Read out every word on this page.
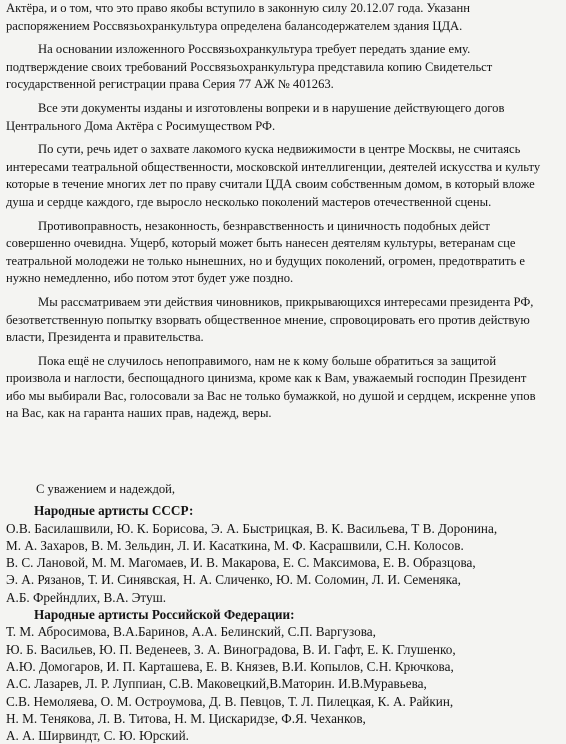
Актёра, и о том, что это право якобы вступило в законную силу 20.12.07 года. Указанн
распоряжением Россвязьохранкультура определена балансодержателем здания ЦДА.
На основании изложенного Россвязьохранкультура требует передать здание ему.
подтверждение своих требований Россвязьохранкультура представила копию Свидетельст
государственной регистрации права Серия 77 АЖ № 401263.
Все эти документы изданы и изготовлены вопреки и в нарушение действующего догов
Центрального Дома Актёра с Росимуществом РФ.
По сути, речь идет о захвате лакомого куска недвижимости в центре Москвы, не считаясь
интересами театральной общественности, московской интеллигенции, деятелей искусства и культу
которые в течение многих лет по праву считали ЦДА своим собственным домом, в который вложе
душа и сердце каждого, где выросло несколько поколений мастеров отечественной сцены.
Противоправность, незаконность, безнравственность и циничность подобных дейст
совершенно очевидна. Ущерб, который может быть нанесен деятелям культуры, ветеранам сце
театральной молодежи не только нынешних, но и будущих поколений, огромен, предотвратить е
нужно немедленно, ибо потом этот будет уже поздно.
Мы рассматриваем эти действия чиновников, прикрывающихся интересами президента РФ,
безответственную попытку взорвать общественное мнение, спровоцировать его против действую
власти, Президента и правительства.
Пока ещё не случилось непоправимого, нам не к кому больше обратиться за защитой
произвола и наглости, беспощадного цинизма, кроме как к Вам, уважаемый господин Президент
ибо мы выбирали Вас, голосовали за Вас не только бумажкой, но душой и сердцем, искренне упов
на Вас, как на гаранта наших прав, надежд, веры.
С уважением и надеждой,
Народные артисты СССР:
О.В. Басилашвили, Ю. К. Борисова, Э. А. Быстрицкая, В. К. Васильева, Т В. Доронина,
М. А. Захаров, В. М. Зельдин, Л. И. Касаткина, М. Ф. Касрашвили, С.Н. Колосов.
В. С. Лановой, М. М. Магомаев, И. В. Макарова, Е. С. Максимова, Е. В. Образцова,
Э. А. Рязанов, Т. И. Синявская, Н. А. Сличенко, Ю. М. Соломин, Л. И. Семеняка,
А.Б. Фрейндлих, В.А. Этуш.
Народные артисты Российской Федерации:
Т. М. Абросимова, В.А.Баринов, А.А. Белинский, С.П. Варгузова,
Ю. Б. Васильев, Ю. П. Веденеев, З. А. Виноградова, В. И. Гафт, Е. К. Глушенко,
А.Ю. Домогаров, И. П. Карташева, Е. В. Князев, В.И. Копылов, С.Н. Крючкова,
А.С. Лазарев, Л. Р. Луппиан, С.В. Маковецкий,В.Маторин. И.В.Муравьева,
С.В. Немоляева, О. М. Остроумова, Д. В. Певцов, Т. Л. Пилецкая, К. А. Райкин,
Н. М. Тенякова, Л. В. Титова, Н. М. Цискаридзе, Ф.Я. Чеханков,
А. А. Ширвиндт, С. Ю. Юрский.
